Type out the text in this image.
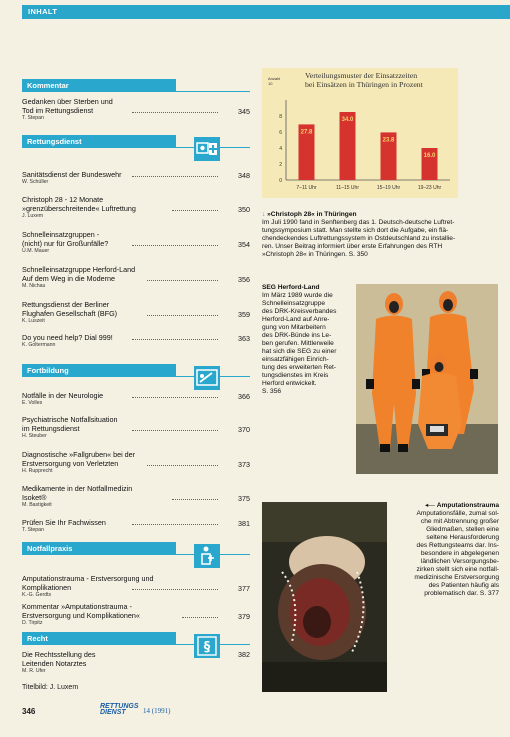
INHALT
Kommentar
Gedanken über Sterben und
Tod im Rettungsdienst
T. Stepan
345
Rettungsdienst
Sanitätsdienst der Bundeswehr
W. Schüller
348
Christoph 28 - 12 Monate
»grenzüberschreitende« Luftrettung
J. Luxem
350
Schnelleinsatzgruppen -
(nicht) nur für Großunfälle?
U.M. Mauer
354
Schnelleinsatzgruppe Herford-Land
Auf dem Weg in die Moderne
M. Nichau
356
Rettungsdienst der Berliner
Flughafen Gesellschaft (BFG)
K. Luszeit
359
Do you need help? Dial 999!
K. Goltermann
363
Fortbildung
Notfälle in der Neurologie
E. Volles
366
Psychiatrische Notfallsituation
im Rettungsdienst
H. Steuber
370
Diagnostische »Fallgruben« bei der
Erstversorgung von Verletzten
H. Rupprecht
373
Medikamente in der Notfallmedizin
Isoket®
M. Bastigkeit
375
Prüfen Sie Ihr Fachwissen
T. Stepan
381
Notfallpraxis
Amputationstrauma - Erstversorgung und
Komplikationen
K.-G. Gerdts
377
Kommentar »Amputationstrauma -
Erstversorgung und Komplikationen«
D. Tirpitz
379
Recht
§
Die Rechtsstellung des
Leitenden Notarztes
M. R. Ufer
382
Titelbild: J. Luxem
346
RETTUNGS
DIENST	14 (1991)
Verteilungsmuster der Einsatzzeiten
bei Einsätzen in Thüringen in Prozent
Anzahl
10
0
2
4
6
8
27.8
7–11 Uhr
34.0
11–15 Uhr
23.8
15–19 Uhr
16.0
19–23 Uhr
↓ »Christoph 28« in Thüringen
Im Juli 1990 fand in Senftenberg das 1. Deutsch-deutsche Luftret-
tungssymposium statt. Man stellte sich dort die Aufgabe, ein flä-
chendeckendes Luftrettungssystem in Ostdeutschland zu installie-
ren. Unser Beitrag informiert über erste Erfahrungen des RTH
»Christoph 28« in Thüringen. S. 350
SEG Herford-Land
Im März 1989 wurde die
Schnelleinsatzgruppe
des DRK-Kreisverbandes
Herford-Land auf Anre-
gung von Mitarbeitern
des DRK-Bünde ins Le-
ben gerufen. Mittlerweile
hat sich die SEG zu einer
einsatzfähigen Einrich-
tung des erweiterten Ret-
tungsdienstes im Kreis
Herford entwickelt.
S. 356
◂— Amputationstrauma
Amputationsfälle, zumal sol-
che mit Abtrennung großer
Gliedmaßen, stellen eine
seltene Herausforderung
des Rettungsteams dar. Ins-
besondere in abgelegenen
ländlichen Versorgungsbe-
zirken stellt sich eine notfall-
medizinische Erstversorgung
des Patienten häufig als
problematisch dar. S. 377
